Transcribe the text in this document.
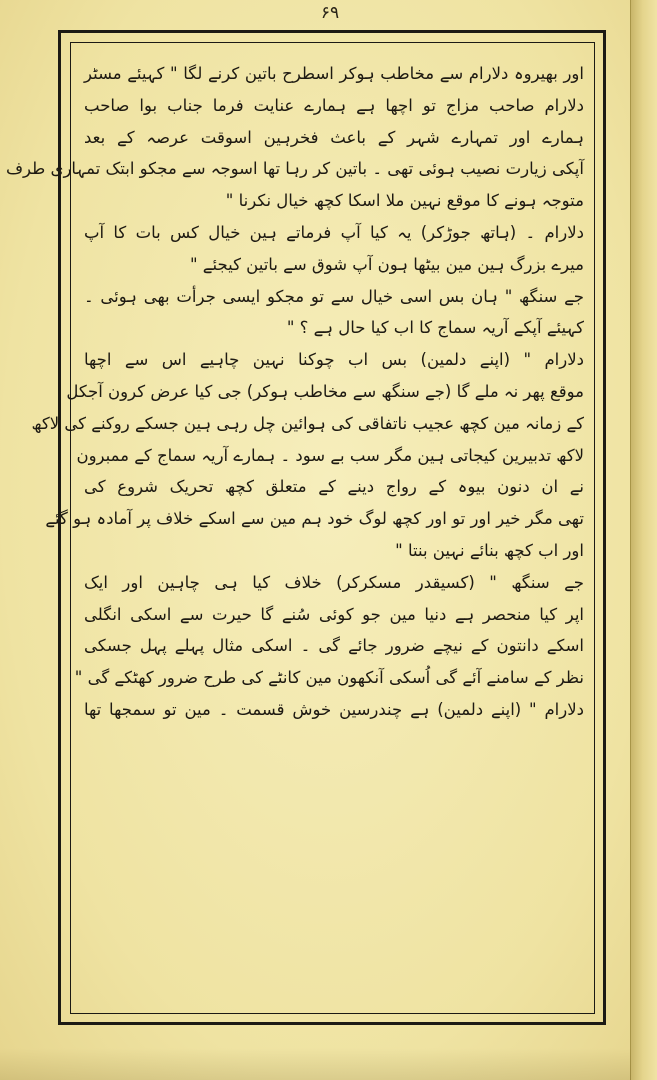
۶۹
اور بھیروہ دلارام سے مخاطب ہوکر اسطرح باتین کرنے لگا " کہیئے مسٹر
دلارام صاحب مزاج تو اچھا ہے ہمارے عنایت فرما جناب بوا صاحب
ہمارے اور تمہارے شہر کے باعث فخرہین اسوقت عرصہ کے بعد
آپکی زیارت نصیب ہوئی تھی ۔ باتین کر رہا تھا اسوجہ سے مجکو ابتک تمہاری طرف
متوجہ ہونے کا موقع نہین ملا اسکا کچھ خیال نکرنا "
دلارام ۔ (ہاتھ جوڑکر) یہ کیا آپ فرماتے ہین خیال کس بات کا آپ
میرے بزرگ ہین مین بیٹھا ہون آپ شوق سے باتین کیجئے "
جے سنگھ " ہان بس اسی خیال سے تو مجکو ایسی جرأت بھی ہوئی ۔
کہیئے آپکے آریہ سماج کا اب کیا حال ہے ؟ "
دلارام " (اپنے دلمین) بس اب چوکنا نہین چاہیے اس سے اچھا
موقع پھر نہ ملے گا (جے سنگھ سے مخاطب ہوکر) جی کیا عرض کرون آجکل
کے زمانہ مین کچھ عجیب ناتفاقی کی ہوائین چل رہی ہین جسکے روکنے کی لاکھ
لاکھ تدبیرین کیجاتی ہین مگر سب بے سود ۔ ہمارے آریہ سماج کے ممبرون
نے ان دنون بیوہ کے رواج دینے کے متعلق کچھ تحریک شروع کی
تھی مگر خیر اور تو اور کچھ لوگ خود ہم مین سے اسکے خلاف پر آمادہ ہو گئے
اور اب کچھ بنائے نہین بنتا "
جے سنگھ " (کسیقدر مسکرکر) خلاف کیا ہی چاہین اور ایک
اپر کیا منحصر ہے دنیا مین جو کوئی سُنے گا حیرت سے اسکی انگلی
اسکے دانتون کے نیچے ضرور جائے گی ۔ اسکی مثال پہلے پہل جسکی
نظر کے سامنے آئے گی اُسکی آنکھون مین کانٹے کی طرح ضرور کھٹکے گی "
دلارام " (اپنے دلمین) ہے چندرسین خوش قسمت ۔ مین تو سمجھا تھا
